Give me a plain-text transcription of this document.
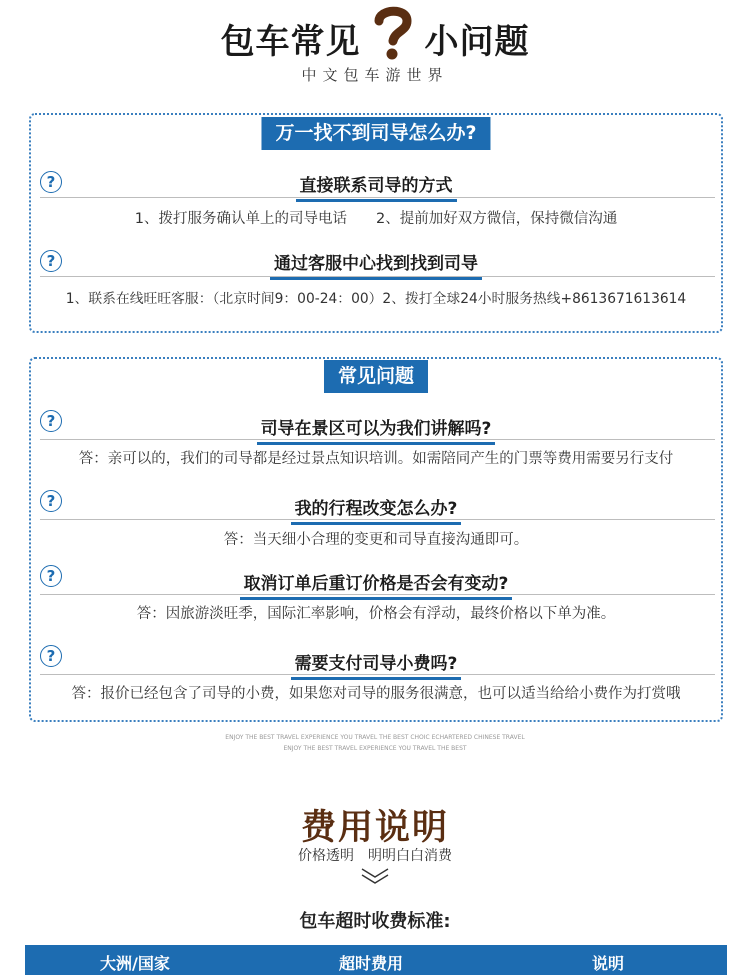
包车常见 小问题
中文包车游世界
万一找不到司导怎么办?
?	直接联系司导的方式
1、拨打服务确认单上的司导电话　　2、提前加好双方微信，保持微信沟通
?	通过客服中心找到找到司导
1、联系在线旺旺客服：（北京时间9：00-24：00）2、拨打全球24小时服务热线+8613671613614
常见问题
?	司导在景区可以为我们讲解吗?
答：亲可以的，我们的司导都是经过景点知识培训。如需陪同产生的门票等费用需要另行支付
?	我的行程改变怎么办?
答：当天细小合理的变更和司导直接沟通即可。
?	取消订单后重订价格是否会有变动?
答：因旅游淡旺季，国际汇率影响，价格会有浮动，最终价格以下单为准。
?	需要支付司导小费吗?
答：报价已经包含了司导的小费，如果您对司导的服务很满意，也可以适当给给小费作为打赏哦
ENJOY THE BEST TRAVEL EXPERIENCE YOU TRAVEL THE BEST CHOIC ECHARTERED CHINESE TRAVEL
ENJOY THE BEST TRAVEL EXPERIENCE YOU TRAVEL THE BEST
费用说明
价格透明　明明白白消费
包车超时收费标准:
大洲/国家	超时费用	说明
